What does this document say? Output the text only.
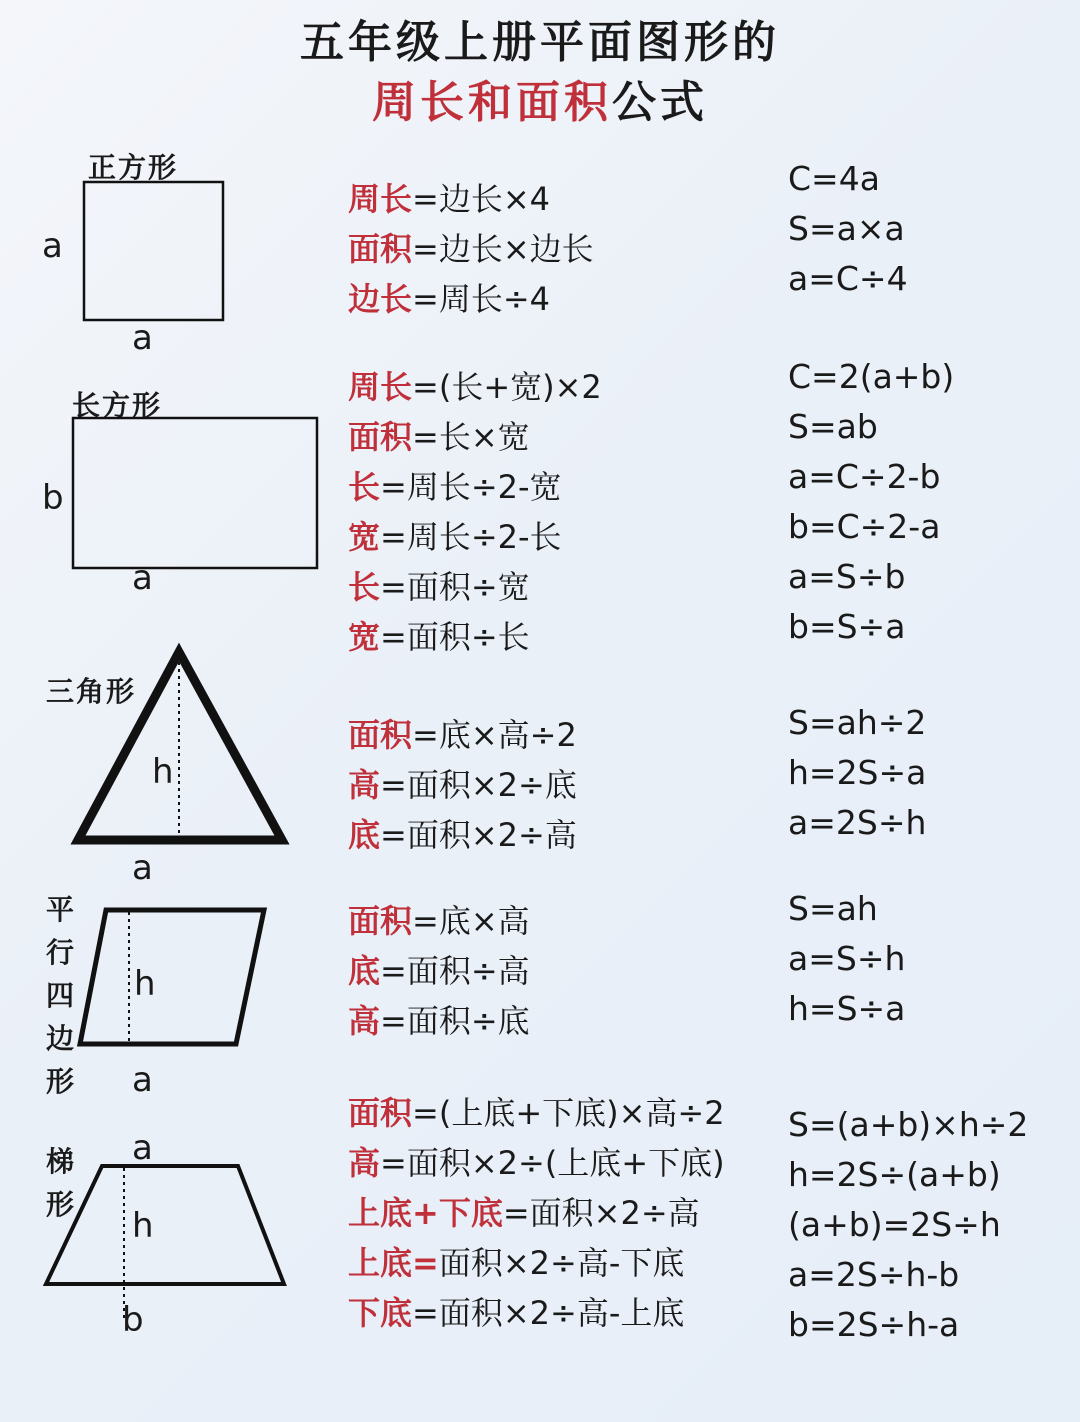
五年级上册平面图形的
周长和面积公式
正方形
a
a
周长=边长×4
面积=边长×边长
边长=周长÷4
C=4a
S=a×a
a=C÷4
长方形
b
a
周长=(长+宽)×2
面积=长×宽
长=周长÷2-宽
宽=周长÷2-长
长=面积÷宽
宽=面积÷长
C=2(a+b)
S=ab
a=C÷2-b
b=C÷2-a
a=S÷b
b=S÷a
三角形
h
a
面积=底×高÷2
高=面积×2÷底
底=面积×2÷高
S=ah÷2
h=2S÷a
a=2S÷h
平
行
四
边
形
h
a
面积=底×高
底=面积÷高
高=面积÷底
S=ah
a=S÷h
h=S÷a
梯
形
a
h
b
面积=(上底+下底)×高÷2
高=面积×2÷(上底+下底)
上底+下底=面积×2÷高
上底=面积×2÷高-下底
下底=面积×2÷高-上底
S=(a+b)×h÷2
h=2S÷(a+b)
(a+b)=2S÷h
a=2S÷h-b
b=2S÷h-a
